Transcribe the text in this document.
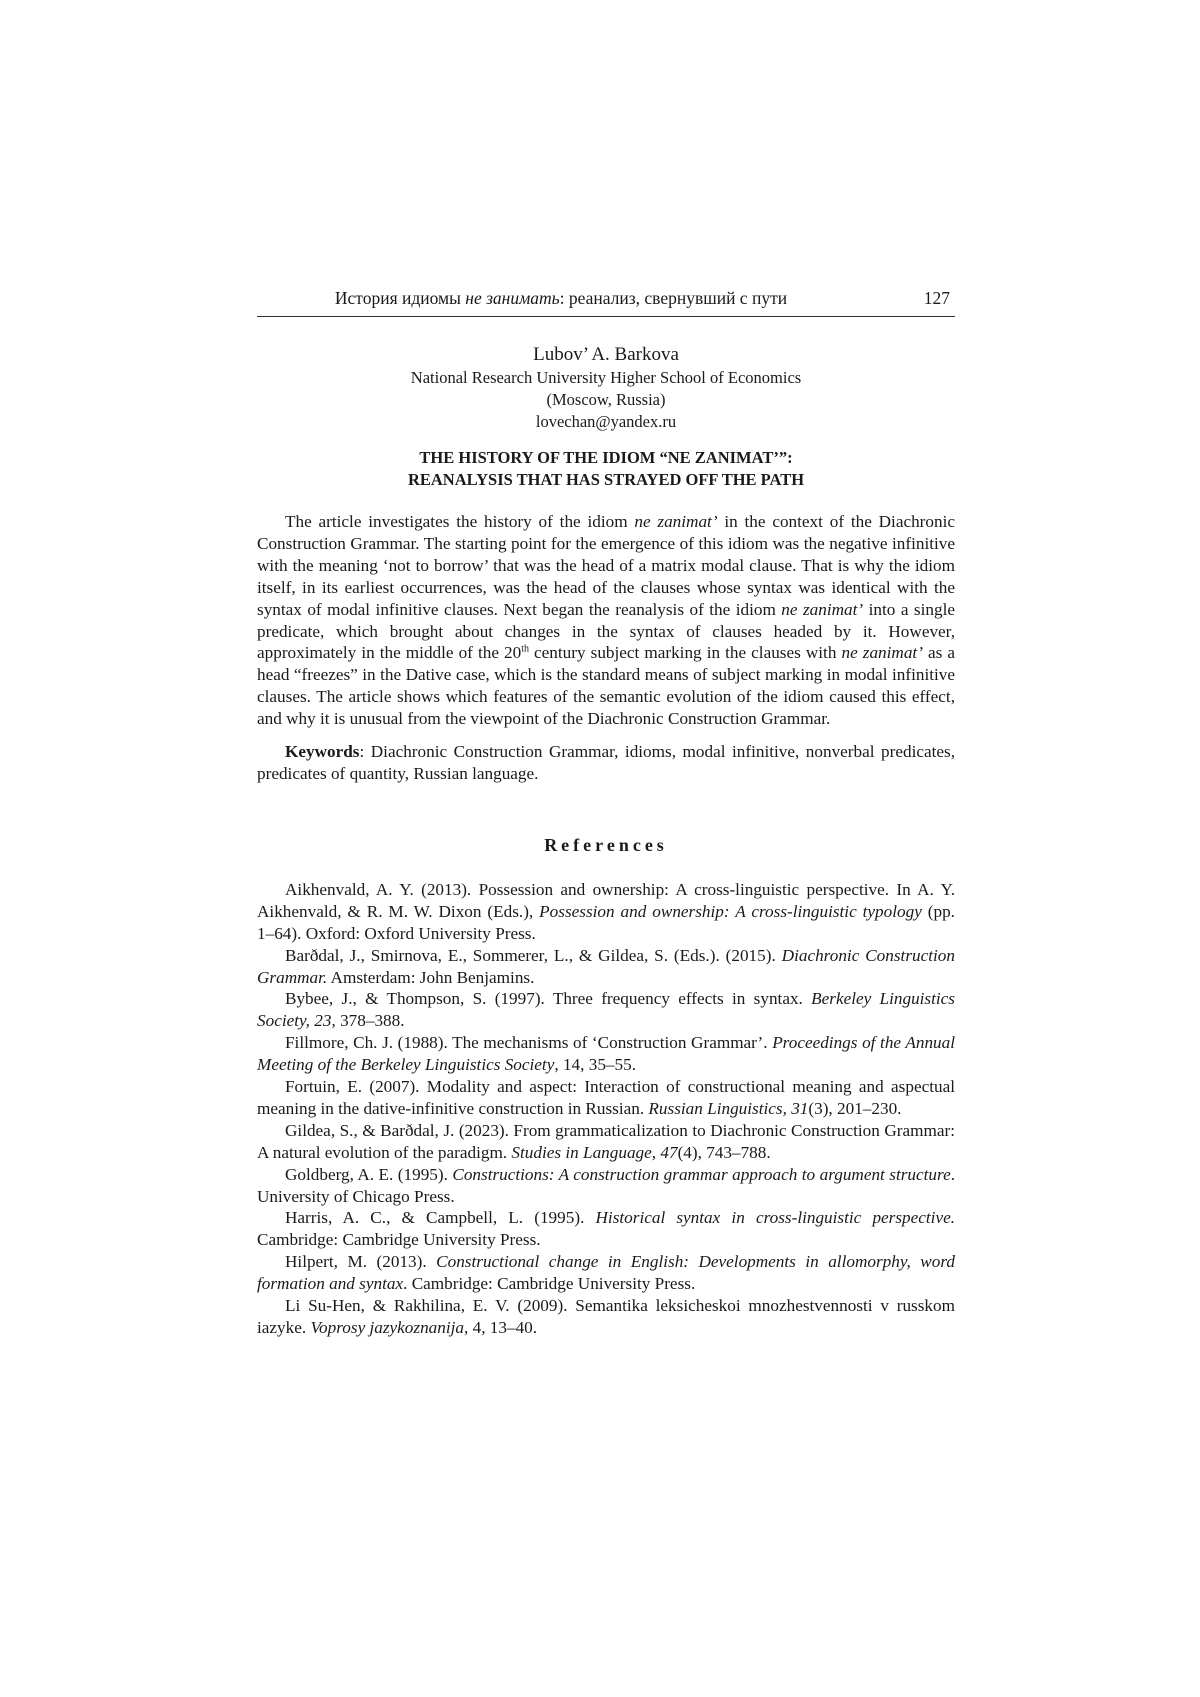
История идиомы не занимать: реанализ, свернувший с пути	127
Lubov’ A. Barkova
National Research University Higher School of Economics
(Moscow, Russia)
lovechan@yandex.ru
THE HISTORY OF THE IDIOM “NE ZANIMAT’”:
REANALYSIS THAT HAS STRAYED OFF THE PATH

The article investigates the history of the idiom ne zanimat’ in the context of the Diachronic Construction Grammar. The starting point for the emergence of this idiom was the negative infinitive with the meaning ‘not to borrow’ that was the head of a matrix modal clause. That is why the idiom itself, in its earliest occurrences, was the head of the clauses whose syntax was identical with the syntax of modal infinitive clauses. Next began the reanalysis of the idiom ne zanimat’ into a single predicate, which brought about changes in the syntax of clauses headed by it. However, approximately in the middle of the 20th century subject marking in the clauses with ne zanimat’ as a head “freezes” in the Dative case, which is the standard means of subject marking in modal infinitive clauses. The article shows which features of the semantic evolution of the idiom caused this effect, and why it is unusual from the viewpoint of the Diachronic Construction Grammar.

Keywords: Diachronic Construction Grammar, idioms, modal infinitive, nonverbal predicates, predicates of quantity, Russian language.

References

Aikhenvald, A. Y. (2013). Possession and ownership: A cross-linguistic perspective. In A. Y. Aikhenvald, & R. M. W. Dixon (Eds.), Possession and ownership: A cross-linguistic typology (pp. 1–64). Oxford: Oxford University Press.

Barðdal, J., Smirnova, E., Sommerer, L., & Gildea, S. (Eds.). (2015). Diachronic Construction Grammar. Amsterdam: John Benjamins.

Bybee, J., & Thompson, S. (1997). Three frequency effects in syntax. Berkeley Linguistics Society, 23, 378–388.

Fillmore, Ch. J. (1988). The mechanisms of ‘Construction Grammar’. Proceedings of the Annual Meeting of the Berkeley Linguistics Society, 14, 35–55.

Fortuin, E. (2007). Modality and aspect: Interaction of constructional meaning and aspectual meaning in the dative-infinitive construction in Russian. Russian Linguistics, 31(3), 201–230.

Gildea, S., & Barðdal, J. (2023). From grammaticalization to Diachronic Construction Grammar: A natural evolution of the paradigm. Studies in Language, 47(4), 743–788.

Goldberg, A. E. (1995). Constructions: A construction grammar approach to argument structure. University of Chicago Press.

Harris, A. C., & Campbell, L. (1995). Historical syntax in cross-linguistic perspective. Cambridge: Cambridge University Press.

Hilpert, M. (2013). Constructional change in English: Developments in allomorphy, word formation and syntax. Cambridge: Cambridge University Press.

Li Su-Hen, & Rakhilina, E. V. (2009). Semantika leksicheskoi mnozhestvennosti v russkom iazyke. Voprosy jazykoznanija, 4, 13–40.
